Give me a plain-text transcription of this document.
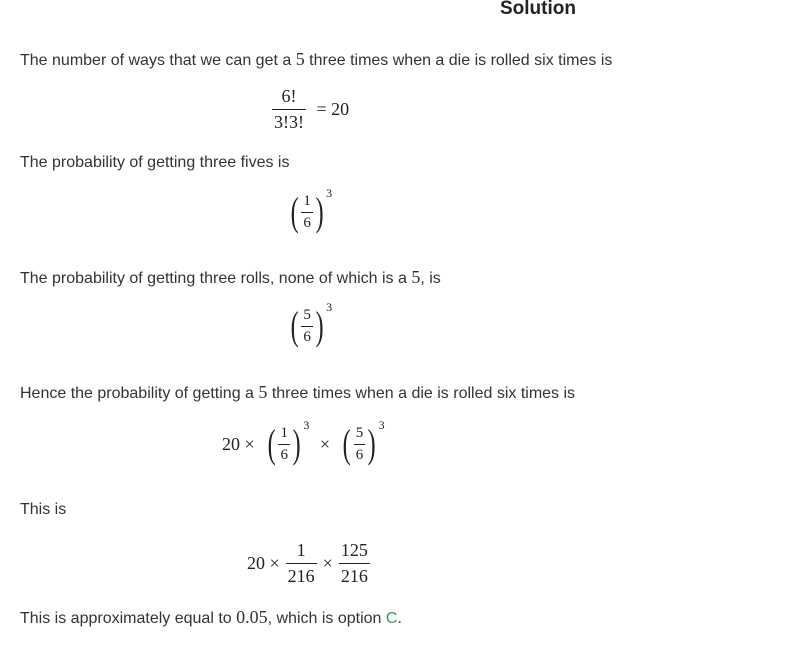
Solution
The number of ways that we can get a 5 three times when a die is rolled six times is
$\frac{6!}{3!3!} = 20$
The probability of getting three fives is
( $\frac{1}{6}$ ) 3
The probability of getting three rolls, none of which is a 5, is
( $\frac{5}{6}$ ) 3
Hence the probability of getting a 5 three times when a die is rolled six times is
20 × ( $\frac{1}{6}$ ) 3 × ( $\frac{5}{6}$ ) 3
This is
$20 \times \frac{1}{216} \times \frac{125}{216}$
This is approximately equal to 0.05, which is option C.
